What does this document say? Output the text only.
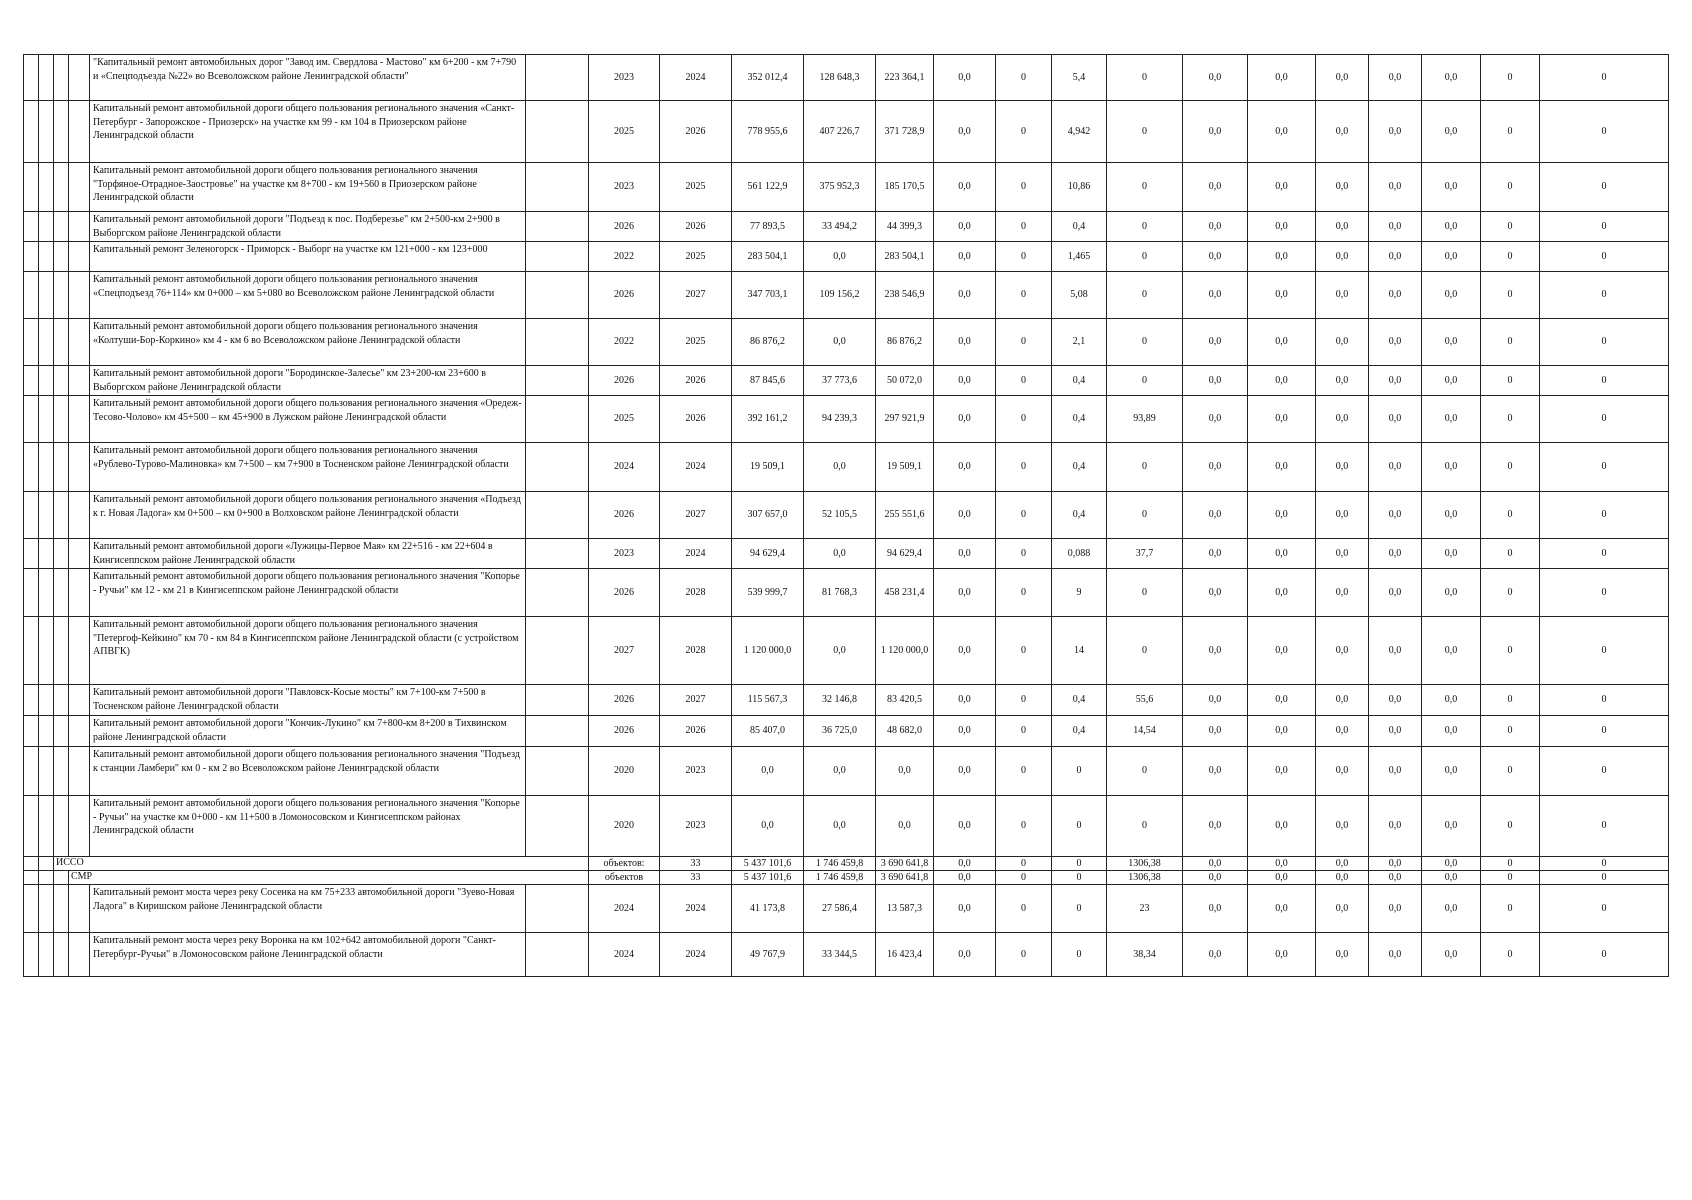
				"Капитальный ремонт автомобильных дорог "Завод им. Свердлова - Мастово" км 6+200 - км 7+790 и «Спецподъезда №22» во Всеволожском районе Ленинградской области"		2023	2024	352 012,4	128 648,3	223 364,1	0,0	0	5,4	0	0,0	0,0	0,0	0,0	0,0	0	0
				Капитальный ремонт автомобильной дороги общего пользования регионального значения «Санкт-Петербург - Запорожское - Приозерск» на участке км 99 - км 104 в Приозерском районе Ленинградской области		2025	2026	778 955,6	407 226,7	371 728,9	0,0	0	4,942	0	0,0	0,0	0,0	0,0	0,0	0	0
				Капитальный ремонт автомобильной дороги общего пользования регионального значения "Торфяное-Отрадное-Заостровье" на участке км 8+700 - км 19+560 в Приозерском районе Ленинградской области		2023	2025	561 122,9	375 952,3	185 170,5	0,0	0	10,86	0	0,0	0,0	0,0	0,0	0,0	0	0
				Капитальный ремонт автомобильной дороги "Подъезд к пос. Подберезье" км 2+500-км 2+900 в Выборгском районе Ленинградской области		2026	2026	77 893,5	33 494,2	44 399,3	0,0	0	0,4	0	0,0	0,0	0,0	0,0	0,0	0	0
				Капитальный ремонт Зеленогорск - Приморск - Выборг на участке км 121+000 - км 123+000		2022	2025	283 504,1	0,0	283 504,1	0,0	0	1,465	0	0,0	0,0	0,0	0,0	0,0	0	0
				Капитальный ремонт автомобильной дороги общего пользования регионального значения «Спецподъезд 76+114» км 0+000 – км 5+080 во Всеволожском районе Ленинградской области		2026	2027	347 703,1	109 156,2	238 546,9	0,0	0	5,08	0	0,0	0,0	0,0	0,0	0,0	0	0
				Капитальный ремонт автомобильной дороги общего пользования регионального значения «Колтуши-Бор-Коркино» км 4 - км 6 во Всеволожском районе Ленинградской области		2022	2025	86 876,2	0,0	86 876,2	0,0	0	2,1	0	0,0	0,0	0,0	0,0	0,0	0	0
				Капитальный ремонт автомобильной дороги "Бородинское-Залесье" км 23+200-км 23+600 в Выборгском районе Ленинградской области		2026	2026	87 845,6	37 773,6	50 072,0	0,0	0	0,4	0	0,0	0,0	0,0	0,0	0,0	0	0
				Капитальный ремонт автомобильной дороги общего пользования регионального значения «Оредеж-Тесово-Чолово» км 45+500 – км 45+900 в Лужском районе Ленинградской области		2025	2026	392 161,2	94 239,3	297 921,9	0,0	0	0,4	93,89	0,0	0,0	0,0	0,0	0,0	0	0
				Капитальный ремонт автомобильной дороги общего пользования регионального значения «Рублево-Турово-Малиновка» км 7+500 – км 7+900 в Тосненском районе Ленинградской области		2024	2024	19 509,1	0,0	19 509,1	0,0	0	0,4	0	0,0	0,0	0,0	0,0	0,0	0	0
				Капитальный ремонт автомобильной дороги общего пользования регионального значения «Подъезд к г. Новая Ладога» км 0+500 – км 0+900 в Волховском районе Ленинградской области		2026	2027	307 657,0	52 105,5	255 551,6	0,0	0	0,4	0	0,0	0,0	0,0	0,0	0,0	0	0
				Капитальный ремонт автомобильной дороги «Лужицы-Первое Мая» км 22+516 - км 22+604 в Кингисеппском районе Ленинградской области		2023	2024	94 629,4	0,0	94 629,4	0,0	0	0,088	37,7	0,0	0,0	0,0	0,0	0,0	0	0
				Капитальный ремонт автомобильной дороги общего пользования регионального значения "Копорье - Ручьи" км 12 - км 21 в Кингисеппском районе Ленинградской области		2026	2028	539 999,7	81 768,3	458 231,4	0,0	0	9	0	0,0	0,0	0,0	0,0	0,0	0	0
				Капитальный ремонт автомобильной дороги общего пользования регионального значения "Петергоф-Кейкино" км 70 - км 84 в Кингисеппском районе Ленинградской области (с устройством АПВГК)		2027	2028	1 120 000,0	0,0	1 120 000,0	0,0	0	14	0	0,0	0,0	0,0	0,0	0,0	0	0
				Капитальный ремонт автомобильной дороги "Павловск-Косые мосты" км 7+100-км 7+500 в Тосненском районе Ленинградской области		2026	2027	115 567,3	32 146,8	83 420,5	0,0	0	0,4	55,6	0,0	0,0	0,0	0,0	0,0	0	0
				Капитальный ремонт автомобильной дороги "Кончик-Лукино" км 7+800-км 8+200 в Тихвинском районе Ленинградской области		2026	2026	85 407,0	36 725,0	48 682,0	0,0	0	0,4	14,54	0,0	0,0	0,0	0,0	0,0	0	0
				Капитальный ремонт автомобильной дороги общего пользования регионального значения "Подъезд к станции Ламбери" км 0 - км 2 во Всеволожском районе Ленинградской области		2020	2023	0,0	0,0	0,0	0,0	0	0	0	0,0	0,0	0,0	0,0	0,0	0	0
				Капитальный ремонт автомобильной дороги общего пользования регионального значения "Копорье - Ручьи" на участке км 0+000 - км 11+500 в Ломоносовском и Кингисеппском районах Ленинградской области		2020	2023	0,0	0,0	0,0	0,0	0	0	0	0,0	0,0	0,0	0,0	0,0	0	0
		ИССО				объектов:	33	5 437 101,6	1 746 459,8	3 690 641,8	0,0	0	0	1306,38	0,0	0,0	0,0	0,0	0,0	0	0
			СМР			объектов	33	5 437 101,6	1 746 459,8	3 690 641,8	0,0	0	0	1306,38	0,0	0,0	0,0	0,0	0,0	0	0
				Капитальный ремонт моста через реку Сосенка на км 75+233 автомобильной дороги "Зуево-Новая Ладога" в Киришском районе Ленинградской области		2024	2024	41 173,8	27 586,4	13 587,3	0,0	0	0	23	0,0	0,0	0,0	0,0	0,0	0	0
				Капитальный ремонт моста через реку Воронка на км 102+642 автомобильной дороги "Санкт-Петербург-Ручьи" в Ломоносовском районе Ленинградской области		2024	2024	49 767,9	33 344,5	16 423,4	0,0	0	0	38,34	0,0	0,0	0,0	0,0	0,0	0	0
